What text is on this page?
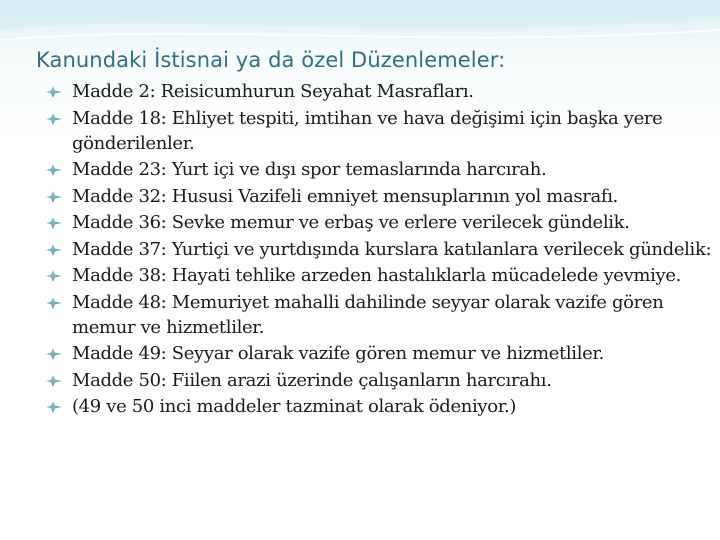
Kanundaki İstisnai ya da özel Düzenlemeler:
Madde 2: Reisicumhurun Seyahat Masrafları.
Madde 18: Ehliyet tespiti, imtihan ve hava değişimi için başka yere gönderilenler.
Madde 23: Yurt içi ve dışı spor temaslarında harcırah.
Madde 32: Hususi Vazifeli emniyet mensuplarının yol masrafı.
Madde 36: Sevke memur ve erbaş ve erlere verilecek gündelik.
Madde 37: Yurtiçi ve yurtdışında kurslara katılanlara verilecek gündelik:
Madde 38: Hayati tehlike arzeden hastalıklarla mücadelede yevmiye.
Madde 48: Memuriyet mahalli dahilinde seyyar olarak vazife gören memur ve hizmetliler.
Madde 49: Seyyar olarak vazife gören memur ve hizmetliler.
Madde 50: Fiilen arazi üzerinde çalışanların harcırahı.
(49 ve 50 inci maddeler tazminat olarak ödeniyor.)
